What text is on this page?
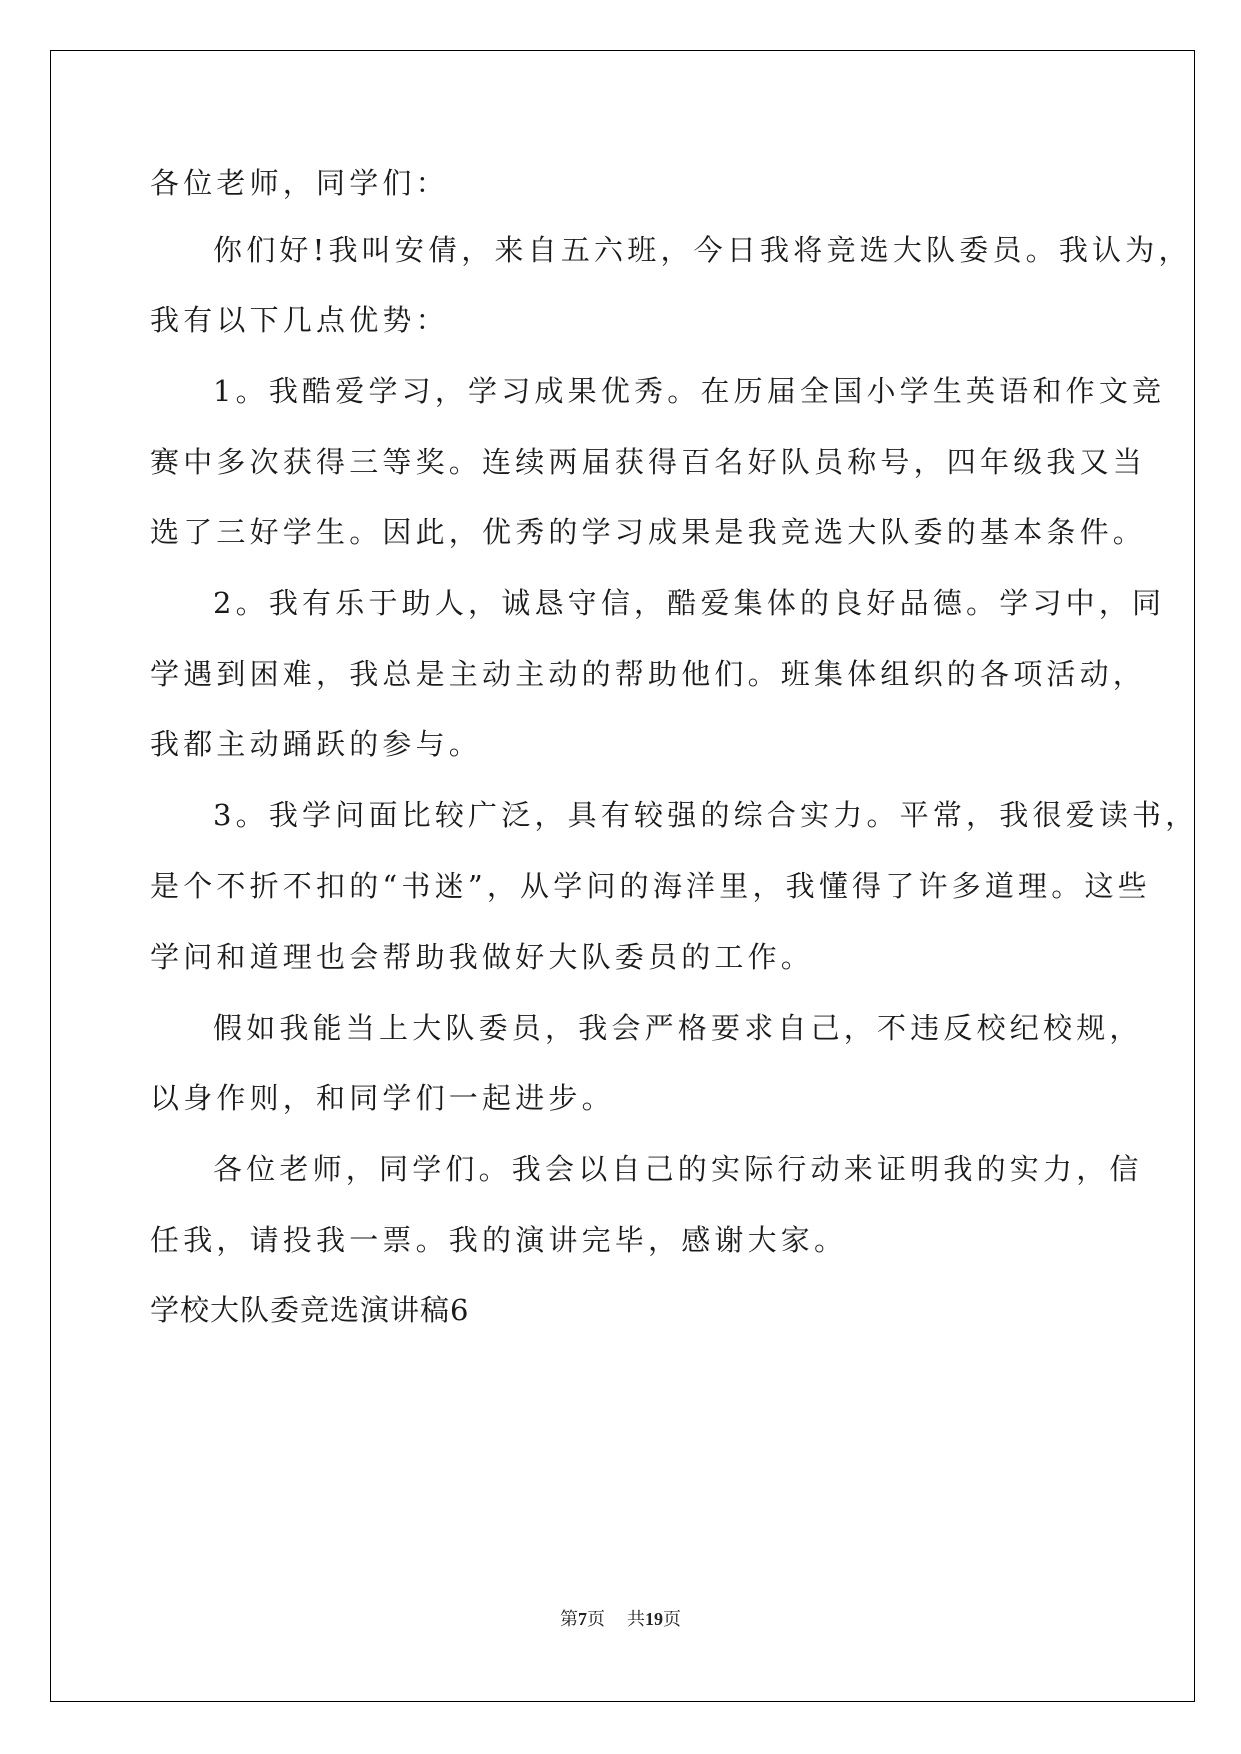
各位老师，同学们：
你们好!我叫安倩，来自五六班，今日我将竞选大队委员。我认为，
我有以下几点优势：
1。我酷爱学习，学习成果优秀。在历届全国小学生英语和作文竞
赛中多次获得三等奖。连续两届获得百名好队员称号，四年级我又当
选了三好学生。因此，优秀的学习成果是我竞选大队委的基本条件。
2。我有乐于助人，诚恳守信，酷爱集体的良好品德。学习中，同
学遇到困难，我总是主动主动的帮助他们。班集体组织的各项活动，
我都主动踊跃的参与。
3。我学问面比较广泛，具有较强的综合实力。平常，我很爱读书，
是个不折不扣的“书迷”，从学问的海洋里，我懂得了许多道理。这些
学问和道理也会帮助我做好大队委员的工作。
假如我能当上大队委员，我会严格要求自己，不违反校纪校规，
以身作则，和同学们一起进步。
各位老师，同学们。我会以自己的实际行动来证明我的实力，信
任我，请投我一票。我的演讲完毕，感谢大家。
学校大队委竞选演讲稿6
第7页 共19页
